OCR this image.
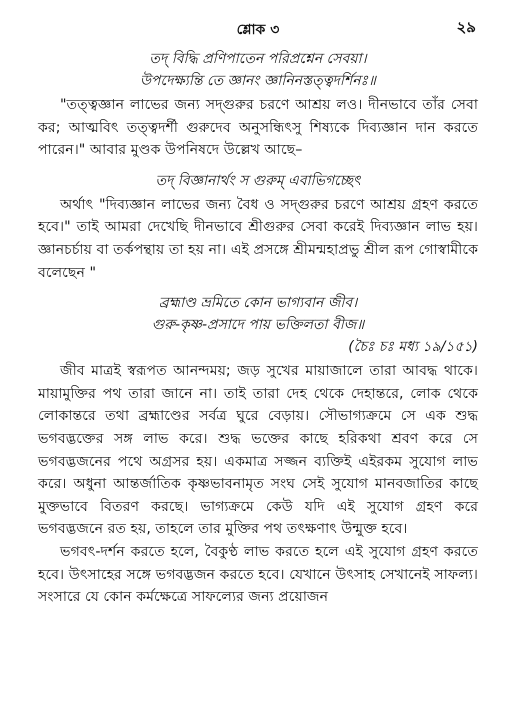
শ্লোক ৩	২৯

তদ্ বিদ্ধি প্রণিপাতেন পরিপ্রশ্নেন সেবয়া।

উপদেক্ষ্যন্তি তে জ্ঞানং জ্ঞানিনস্তত্ত্বদর্শিনঃ॥

"তত্ত্বজ্ঞান লাভের জন্য সদ্গুরুর চরণে আশ্রয় লও। দীনভাবে তাঁর সেবা কর; আত্মবিৎ তত্ত্বদর্শী গুরুদেব অনুসন্ধিৎসু শিষ্যকে দিব্যজ্ঞান দান করতে পারেন।" আবার মুণ্ডক উপনিষদে উল্লেখ আছে–

তদ্ বিজ্ঞানার্থং স গুরুম্ এবাভিগচ্ছেৎ

অর্থাৎ "দিব্যজ্ঞান লাভের জন্য বৈধ ও সদ্গুরুর চরণে আশ্রয় গ্রহণ করতে হবে।" তাই আমরা দেখেছি দীনভাবে শ্রীগুরুর সেবা করেই দিব্যজ্ঞান লাভ হয়। জ্ঞানচর্চায় বা তর্কপন্থায় তা হয় না। এই প্রসঙ্গে শ্রীমন্মহাপ্রভু শ্রীল রূপ গোস্বামীকে বলেছেন "

ব্রহ্মাণ্ড ভ্রমিতে কোন ভাগ্যবান জীব।

গুরু-কৃষ্ণ-প্রসাদে পায় ভক্তিলতা বীজ॥

(চৈঃ চঃ মধ্য ১৯/১৫১)

জীব মাত্রই স্বরূপত আনন্দময়; জড় সুখের মায়াজালে তারা আবদ্ধ থাকে। মায়ামুক্তির পথ তারা জানে না। তাই তারা দেহ থেকে দেহান্তরে, লোক থেকে লোকান্তরে তথা ব্রহ্মাণ্ডের সর্বত্র ঘুরে বেড়ায়। সৌভাগ্যক্রমে সে এক শুদ্ধ ভগবদ্ভক্তের সঙ্গ লাভ করে। শুদ্ধ ভক্তের কাছে হরিকথা শ্রবণ করে সে ভগবদ্ভজনের পথে অগ্রসর হয়। একমাত্র সজ্জন ব্যক্তিই এইরকম সুযোগ লাভ করে। অধুনা আন্তর্জাতিক কৃষ্ণভাবনামৃত সংঘ সেই সুযোগ মানবজাতির কাছে মুক্তভাবে বিতরণ করছে। ভাগ্যক্রমে কেউ যদি এই সুযোগ গ্রহণ করে ভগবদ্ভজনে রত হয়, তাহলে তার মুক্তির পথ তৎক্ষণাৎ উন্মুক্ত হবে।

ভগবৎ-দর্শন করতে হলে, বৈকুণ্ঠ লাভ করতে হলে এই সুযোগ গ্রহণ করতে হবে। উৎসাহের সঙ্গে ভগবদ্ভজন করতে হবে। যেখানে উৎসাহ সেখানেই সাফল্য। সংসারে যে কোন কর্মক্ষেত্রে সাফল্যের জন্য প্রয়োজন
